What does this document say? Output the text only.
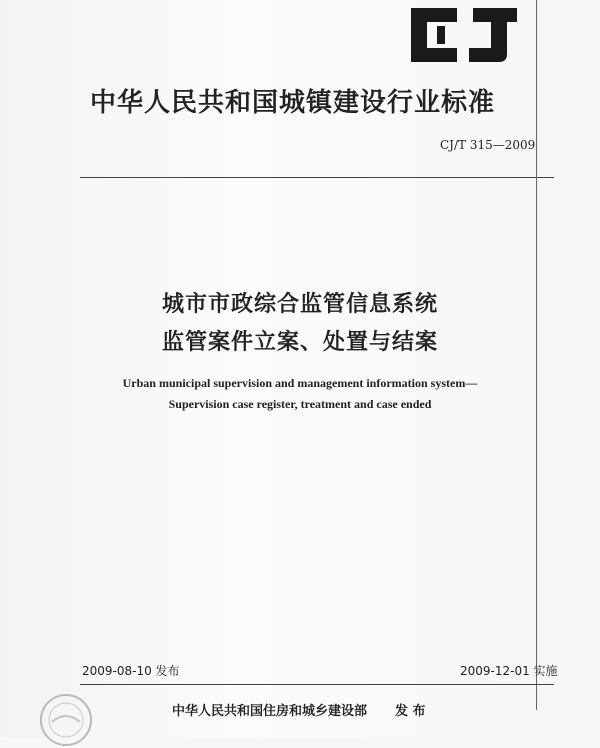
中华人民共和国城镇建设行业标准
CJ/T 315—2009
城市市政综合监管信息系统
监管案件立案、处置与结案
Urban municipal supervision and management information system—
Supervision case register, treatment and case ended
2009-08-10 发布	2009-12-01 实施
中华人民共和国住房和城乡建设部 发 布
